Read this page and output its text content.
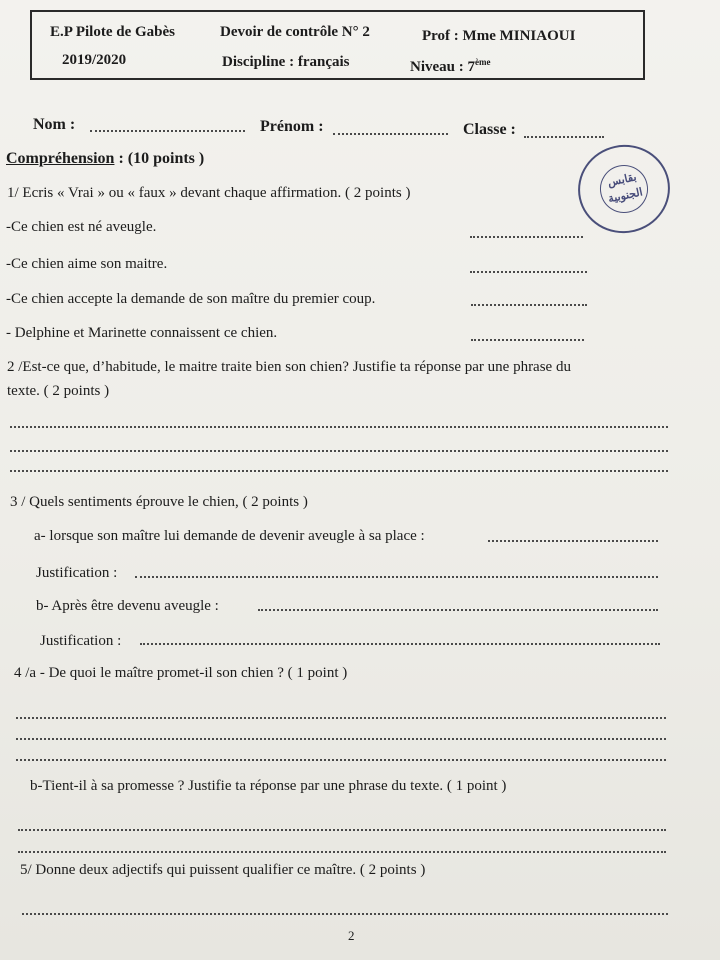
E.P Pilote de Gabès
2019/2020
Devoir de contrôle N° 2
Discipline : français
Prof : Mme MINIAOUI
Niveau : 7ème
Nom :	Prénom :	Classe :
بقابس الجنوبية
Compréhension : (10 points )
1/ Ecris « Vrai » ou « faux » devant chaque affirmation. ( 2 points )
-Ce chien est né aveugle.
-Ce chien aime son maitre.
-Ce chien accepte la demande de son maître du premier coup.
- Delphine et Marinette connaissent ce chien.
2 /Est-ce que, d’habitude, le maitre traite bien son chien? Justifie ta réponse par une phrase du
texte. ( 2 points )
3 / Quels sentiments éprouve le chien, ( 2 points )
a- lorsque son maître lui demande de devenir aveugle à sa place :
Justification :
b- Après être devenu aveugle :
Justification :
4 /a - De quoi le maître promet-il son chien ? ( 1 point )
b-Tient-il à sa promesse ? Justifie ta réponse par une phrase du texte. ( 1 point )
5/ Donne deux adjectifs qui puissent qualifier ce maître. ( 2 points )
2
